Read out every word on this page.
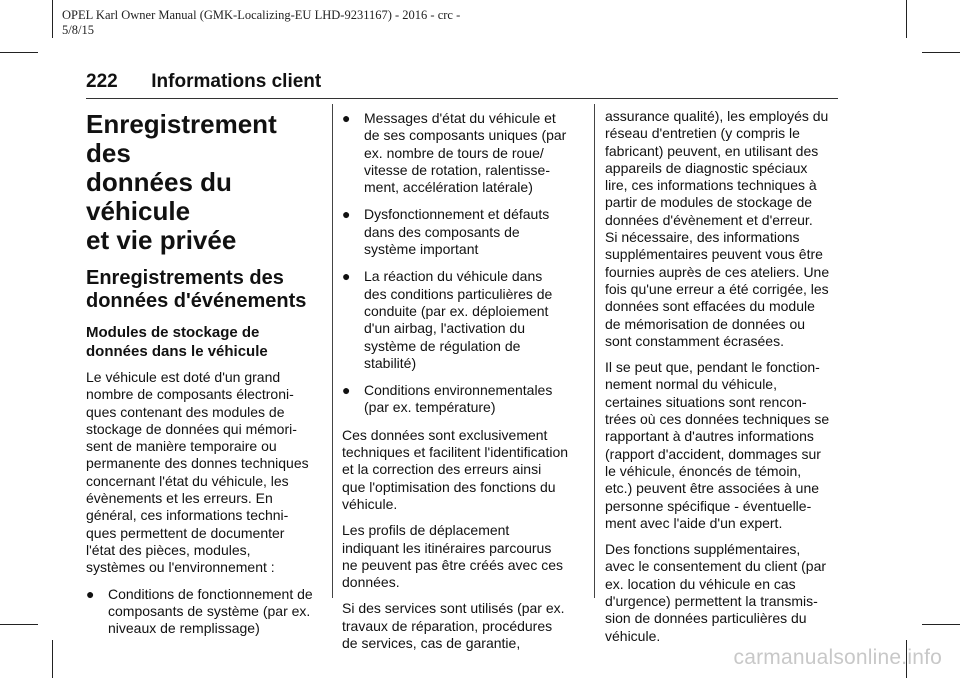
OPEL Karl Owner Manual (GMK-Localizing-EU LHD-9231167) - 2016 - crc -
5/8/15
222 Informations client
Enregistrement des
données du véhicule
et vie privée
Enregistrements des
données d'événements
Modules de stockage de
données dans le véhicule

Le véhicule est doté d'un grand
nombre de composants électroni-
ques contenant des modules de
stockage de données qui mémori-
sent de manière temporaire ou
permanente des donnes techniques
concernant l'état du véhicule, les
évènements et les erreurs. En
général, ces informations techni-
ques permettent de documenter
l'état des pièces, modules,
systèmes ou l'environnement :

● Conditions de fonctionnement de
composants de système (par ex.
niveaux de remplissage)
● Messages d'état du véhicule et
de ses composants uniques (par
ex. nombre de tours de roue/
vitesse de rotation, ralentisse-
ment, accélération latérale)
● Dysfonctionnement et défauts
dans des composants de
système important
● La réaction du véhicule dans
des conditions particulières de
conduite (par ex. déploiement
d'un airbag, l'activation du
système de régulation de
stabilité)
● Conditions environnementales
(par ex. température)

Ces données sont exclusivement
techniques et facilitent l'identification
et la correction des erreurs ainsi
que l'optimisation des fonctions du
véhicule.

Les profils de déplacement
indiquant les itinéraires parcourus
ne peuvent pas être créés avec ces
données.

Si des services sont utilisés (par ex.
travaux de réparation, procédures
de services, cas de garantie,

assurance qualité), les employés du
réseau d'entretien (y compris le
fabricant) peuvent, en utilisant des
appareils de diagnostic spéciaux
lire, ces informations techniques à
partir de modules de stockage de
données d'évènement et d'erreur.
Si nécessaire, des informations
supplémentaires peuvent vous être
fournies auprès de ces ateliers. Une
fois qu'une erreur a été corrigée, les
données sont effacées du module
de mémorisation de données ou
sont constamment écrasées.

Il se peut que, pendant le fonction-
nement normal du véhicule,
certaines situations sont rencon-
trées où ces données techniques se
rapportant à d'autres informations
(rapport d'accident, dommages sur
le véhicule, énoncés de témoin,
etc.) peuvent être associées à une
personne spécifique - éventuelle-
ment avec l'aide d'un expert.

Des fonctions supplémentaires,
avec le consentement du client (par
ex. location du véhicule en cas
d'urgence) permettent la transmis-
sion de données particulières du
véhicule.

carmanualsonline.info
